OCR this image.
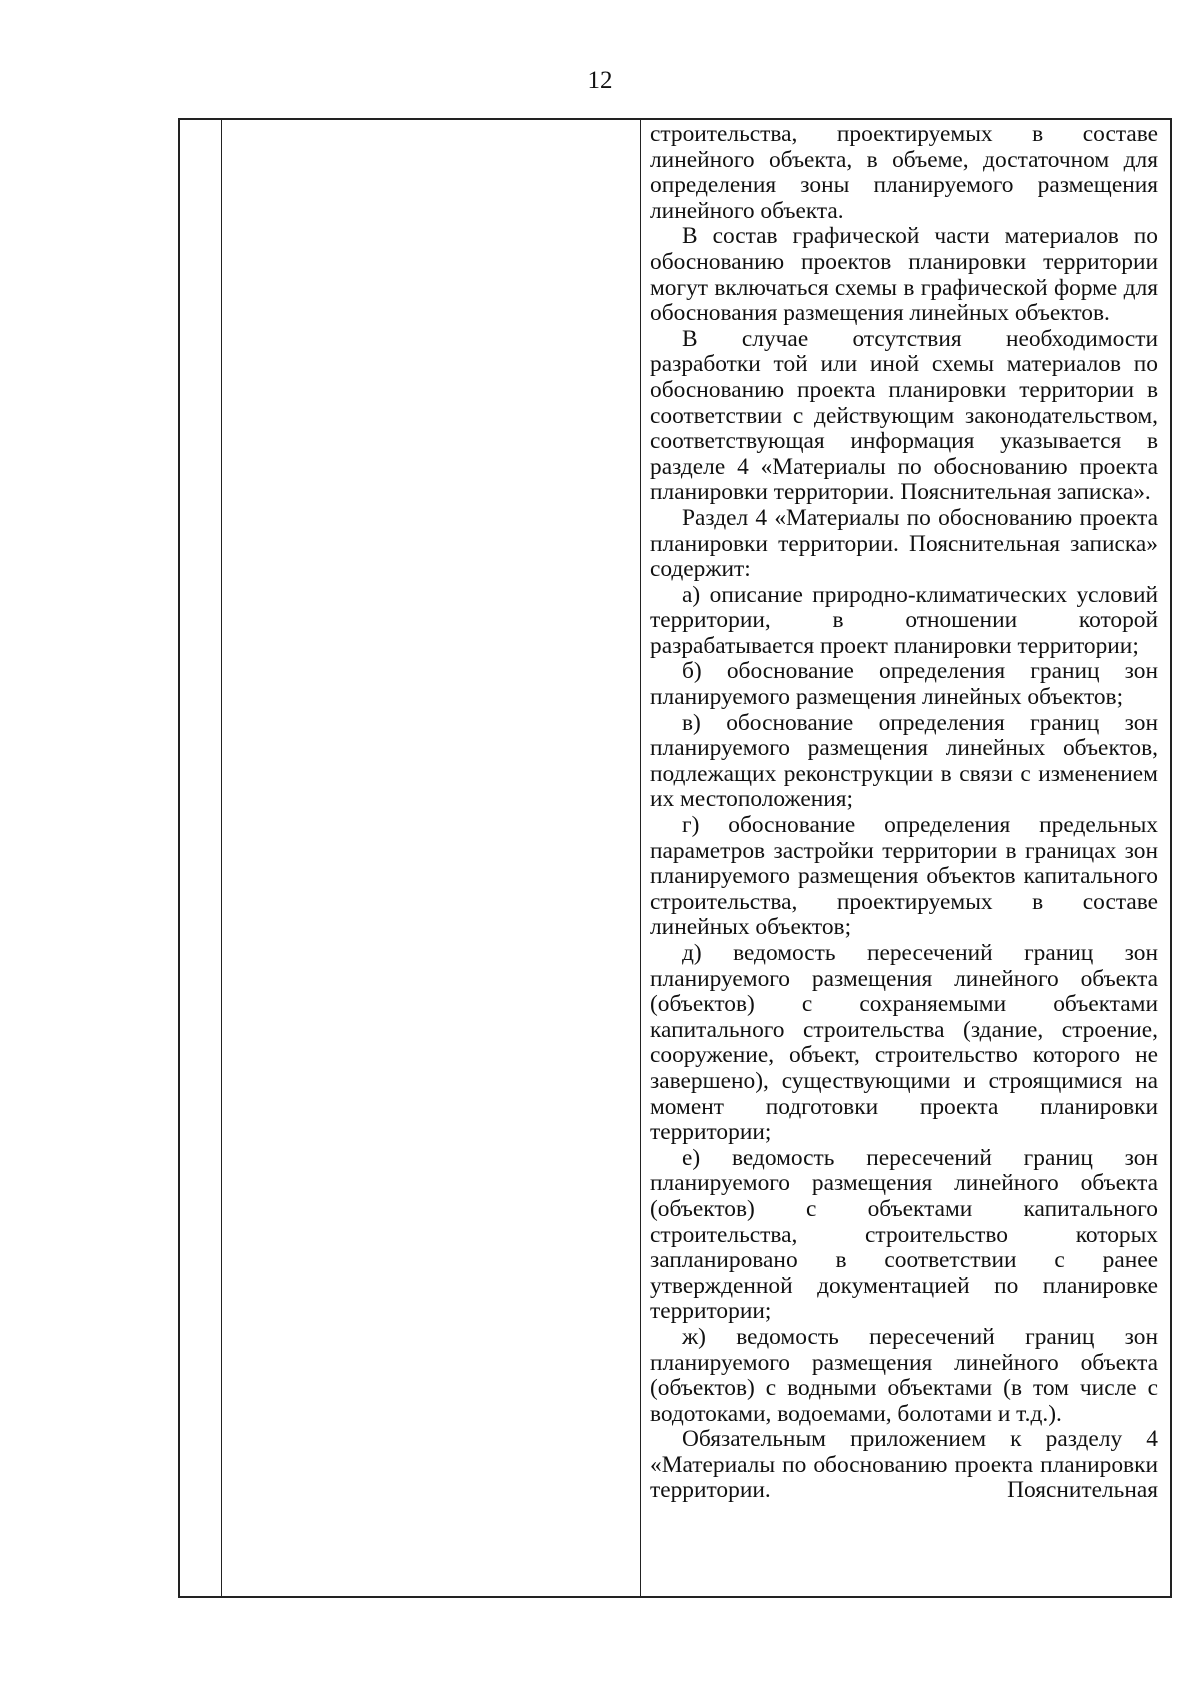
12

строительства, проектируемых в составе линейного объекта, в объеме, достаточном для определения зоны планируемого размещения линейного объекта.

В состав графической части материалов по обоснованию проектов планировки территории могут включаться схемы в графической форме для обоснования размещения линейных объектов.

В случае отсутствия необходимости разработки той или иной схемы материалов по обоснованию проекта планировки территории в соответствии с действующим законодательством, соответствующая информация указывается в разделе 4 «Материалы по обоснованию проекта планировки территории. Пояснительная записка».

Раздел 4 «Материалы по обоснованию проекта планировки территории. Пояснительная записка» содержит:

а) описание природно-климатических условий территории, в отношении которой разрабатывается проект планировки территории;

б) обоснование определения границ зон планируемого размещения линейных объектов;

в) обоснование определения границ зон планируемого размещения линейных объектов, подлежащих реконструкции в связи с изменением их местоположения;

г) обоснование определения предельных параметров застройки территории в границах зон планируемого размещения объектов капитального строительства, проектируемых в составе линейных объектов;

д) ведомость пересечений границ зон планируемого размещения линейного объекта (объектов) с сохраняемыми объектами капитального строительства (здание, строение, сооружение, объект, строительство которого не завершено), существующими и строящимися на момент подготовки проекта планировки территории;

е) ведомость пересечений границ зон планируемого размещения линейного объекта (объектов) с объектами капитального строительства, строительство которых запланировано в соответствии с ранее утвержденной документацией по планировке территории;

ж) ведомость пересечений границ зон планируемого размещения линейного объекта (объектов) с водными объектами (в том числе с водотоками, водоемами, болотами и т.д.).

Обязательным приложением к разделу 4 «Материалы по обоснованию проекта планировки территории. Пояснительная
